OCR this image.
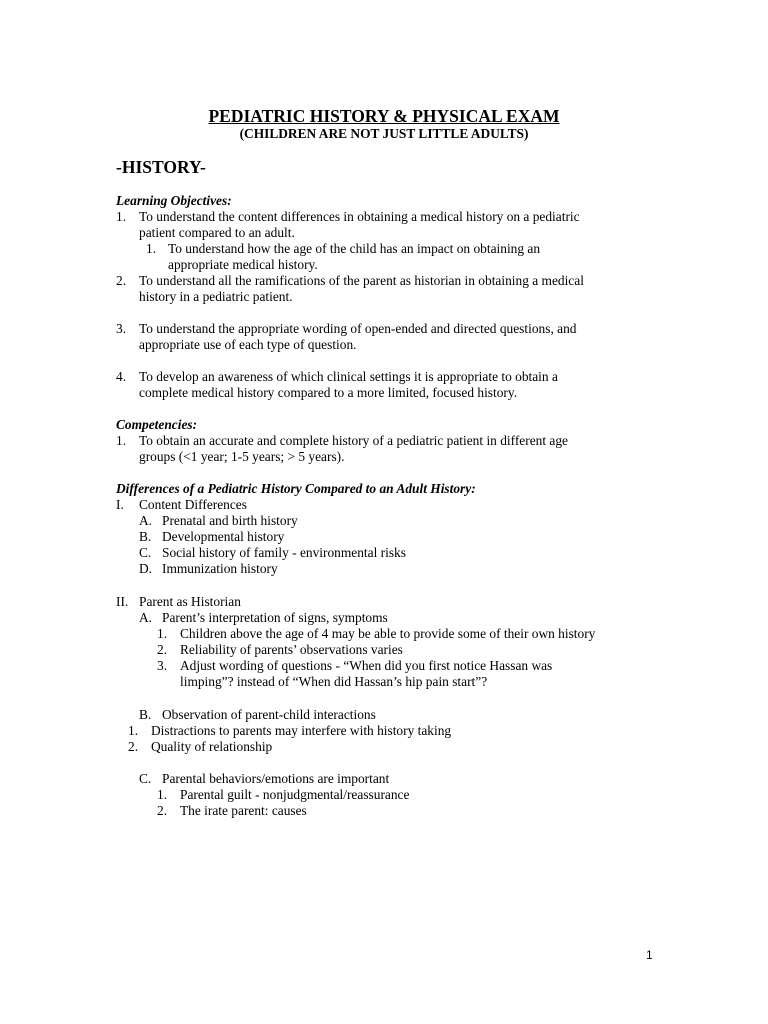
PEDIATRIC HISTORY & PHYSICAL EXAM
(CHILDREN ARE NOT JUST LITTLE ADULTS)
-HISTORY-
Learning Objectives:
1. To understand the content differences in obtaining a medical history on a pediatric
patient compared to an adult.
1. To understand how the age of the child has an impact on obtaining an
appropriate medical history.
2. To understand all the ramifications of the parent as historian in obtaining a medical
history in a pediatric patient.
3. To understand the appropriate wording of open-ended and directed questions, and
appropriate use of each type of question.
4. To develop an awareness of which clinical settings it is appropriate to obtain a
complete medical history compared to a more limited, focused history.
Competencies:
1. To obtain an accurate and complete history of a pediatric patient in different age
groups (<1 year; 1-5 years; > 5 years).
Differences of a Pediatric History Compared to an Adult History:
I. Content Differences
A. Prenatal and birth history
B. Developmental history
C. Social history of family - environmental risks
D. Immunization history
II. Parent as Historian
A. Parent’s interpretation of signs, symptoms
1. Children above the age of 4 may be able to provide some of their own history
2. Reliability of parents’ observations varies
3. Adjust wording of questions - “When did you first notice Hassan was
limping”? instead of “When did Hassan’s hip pain start”?
B. Observation of parent-child interactions
1. Distractions to parents may interfere with history taking
2. Quality of relationship
C. Parental behaviors/emotions are important
1. Parental guilt - nonjudgmental/reassurance
2. The irate parent: causes
1
